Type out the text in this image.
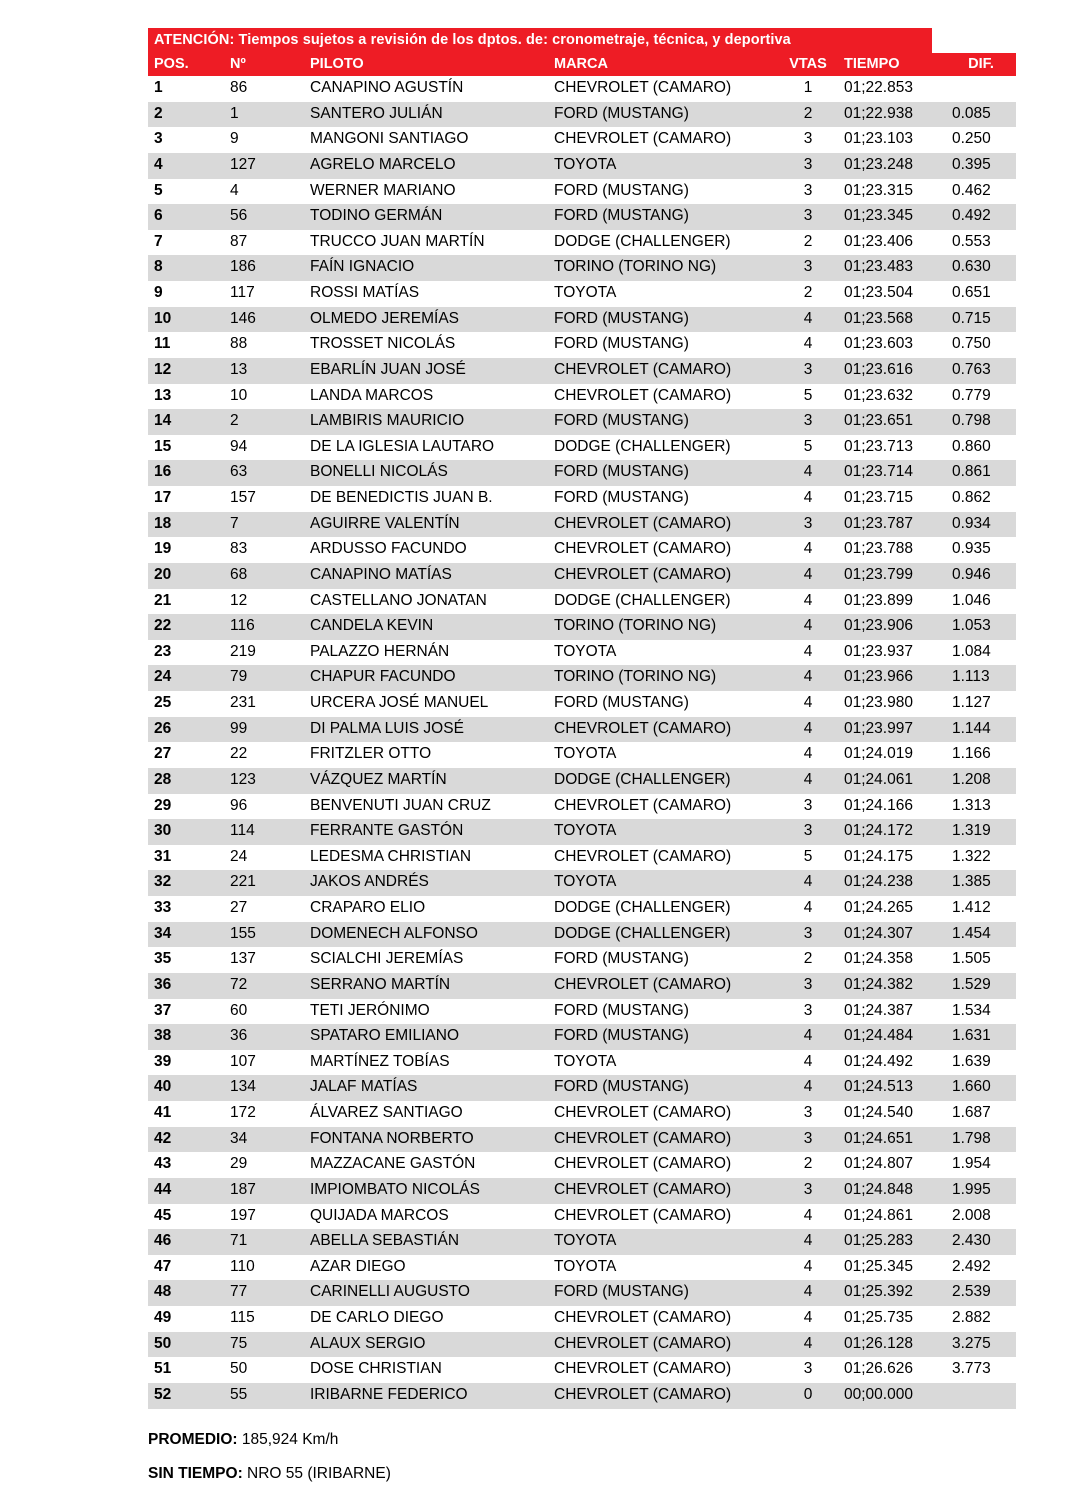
ATENCIÓN: Tiempos sujetos a revisión de los dptos. de: cronometraje, técnica, y deportiva
POS.	Nº	PILOTO	MARCA	VTAS	TIEMPO	DIF.
1	86	CANAPINO AGUSTÍN	CHEVROLET (CAMARO)	1	01;22.853	
2	1	SANTERO JULIÁN	FORD (MUSTANG)	2	01;22.938	0.085
3	9	MANGONI SANTIAGO	CHEVROLET (CAMARO)	3	01;23.103	0.250
4	127	AGRELO MARCELO	TOYOTA	3	01;23.248	0.395
5	4	WERNER MARIANO	FORD (MUSTANG)	3	01;23.315	0.462
6	56	TODINO GERMÁN	FORD (MUSTANG)	3	01;23.345	0.492
7	87	TRUCCO JUAN MARTÍN	DODGE (CHALLENGER)	2	01;23.406	0.553
8	186	FAÍN IGNACIO	TORINO (TORINO NG)	3	01;23.483	0.630
9	117	ROSSI MATÍAS	TOYOTA	2	01;23.504	0.651
10	146	OLMEDO JEREMÍAS	FORD (MUSTANG)	4	01;23.568	0.715
11	88	TROSSET NICOLÁS	FORD (MUSTANG)	4	01;23.603	0.750
12	13	EBARLÍN JUAN JOSÉ	CHEVROLET (CAMARO)	3	01;23.616	0.763
13	10	LANDA MARCOS	CHEVROLET (CAMARO)	5	01;23.632	0.779
14	2	LAMBIRIS MAURICIO	FORD (MUSTANG)	3	01;23.651	0.798
15	94	DE LA IGLESIA LAUTARO	DODGE (CHALLENGER)	5	01;23.713	0.860
16	63	BONELLI NICOLÁS	FORD (MUSTANG)	4	01;23.714	0.861
17	157	DE BENEDICTIS JUAN B.	FORD (MUSTANG)	4	01;23.715	0.862
18	7	AGUIRRE VALENTÍN	CHEVROLET (CAMARO)	3	01;23.787	0.934
19	83	ARDUSSO FACUNDO	CHEVROLET (CAMARO)	4	01;23.788	0.935
20	68	CANAPINO MATÍAS	CHEVROLET (CAMARO)	4	01;23.799	0.946
21	12	CASTELLANO JONATAN	DODGE (CHALLENGER)	4	01;23.899	1.046
22	116	CANDELA KEVIN	TORINO (TORINO NG)	4	01;23.906	1.053
23	219	PALAZZO HERNÁN	TOYOTA	4	01;23.937	1.084
24	79	CHAPUR FACUNDO	TORINO (TORINO NG)	4	01;23.966	1.113
25	231	URCERA JOSÉ MANUEL	FORD (MUSTANG)	4	01;23.980	1.127
26	99	DI PALMA LUIS JOSÉ	CHEVROLET (CAMARO)	4	01;23.997	1.144
27	22	FRITZLER OTTO	TOYOTA	4	01;24.019	1.166
28	123	VÁZQUEZ MARTÍN	DODGE (CHALLENGER)	4	01;24.061	1.208
29	96	BENVENUTI JUAN CRUZ	CHEVROLET (CAMARO)	3	01;24.166	1.313
30	114	FERRANTE GASTÓN	TOYOTA	3	01;24.172	1.319
31	24	LEDESMA CHRISTIAN	CHEVROLET (CAMARO)	5	01;24.175	1.322
32	221	JAKOS ANDRÉS	TOYOTA	4	01;24.238	1.385
33	27	CRAPARO ELIO	DODGE (CHALLENGER)	4	01;24.265	1.412
34	155	DOMENECH ALFONSO	DODGE (CHALLENGER)	3	01;24.307	1.454
35	137	SCIALCHI JEREMÍAS	FORD (MUSTANG)	2	01;24.358	1.505
36	72	SERRANO MARTÍN	CHEVROLET (CAMARO)	3	01;24.382	1.529
37	60	TETI JERÓNIMO	FORD (MUSTANG)	3	01;24.387	1.534
38	36	SPATARO EMILIANO	FORD (MUSTANG)	4	01;24.484	1.631
39	107	MARTÍNEZ TOBÍAS	TOYOTA	4	01;24.492	1.639
40	134	JALAF MATÍAS	FORD (MUSTANG)	4	01;24.513	1.660
41	172	ÁLVAREZ SANTIAGO	CHEVROLET (CAMARO)	3	01;24.540	1.687
42	34	FONTANA NORBERTO	CHEVROLET (CAMARO)	3	01;24.651	1.798
43	29	MAZZACANE GASTÓN	CHEVROLET (CAMARO)	2	01;24.807	1.954
44	187	IMPIOMBATO NICOLÁS	CHEVROLET (CAMARO)	3	01;24.848	1.995
45	197	QUIJADA MARCOS	CHEVROLET (CAMARO)	4	01;24.861	2.008
46	71	ABELLA SEBASTIÁN	TOYOTA	4	01;25.283	2.430
47	110	AZAR DIEGO	TOYOTA	4	01;25.345	2.492
48	77	CARINELLI AUGUSTO	FORD (MUSTANG)	4	01;25.392	2.539
49	115	DE CARLO DIEGO	CHEVROLET (CAMARO)	4	01;25.735	2.882
50	75	ALAUX SERGIO	CHEVROLET (CAMARO)	4	01;26.128	3.275
51	50	DOSE CHRISTIAN	CHEVROLET (CAMARO)	3	01;26.626	3.773
52	55	IRIBARNE FEDERICO	CHEVROLET (CAMARO)	0	00;00.000	
PROMEDIO: 185,924 Km/h
SIN TIEMPO: NRO 55 (IRIBARNE)
